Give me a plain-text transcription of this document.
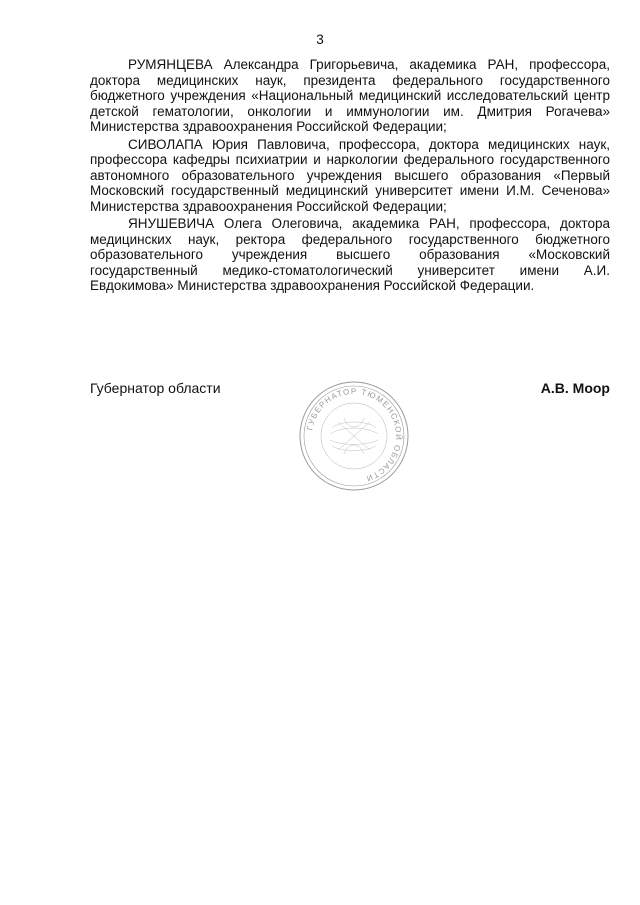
3

РУМЯНЦЕВА Александра Григорьевича, академика РАН, профессора, доктора медицинских наук, президента федерального государственного бюджетного учреждения «Национальный медицинский исследовательский центр детской гематологии, онкологии и иммунологии им. Дмитрия Рогачева» Министерства здравоохранения Российской Федерации;

СИВОЛАПА Юрия Павловича, профессора, доктора медицинских наук, профессора кафедры психиатрии и наркологии федерального государственного автономного образовательного учреждения высшего образования «Первый Московский государственный медицинский университет имени И.М. Сеченова» Министерства здравоохранения Российской Федерации;

ЯНУШЕВИЧА Олега Олеговича, академика РАН, профессора, доктора медицинских наук, ректора федерального государственного бюджетного образовательного учреждения высшего образования «Московский государственный медико-стоматологический университет имени А.И. Евдокимова» Министерства здравоохранения Российской Федерации.

Губернатор области	А.В. Моор
ГУБЕРНАТОР ТЮМЕНСКОЙ ОБЛАСТИ
